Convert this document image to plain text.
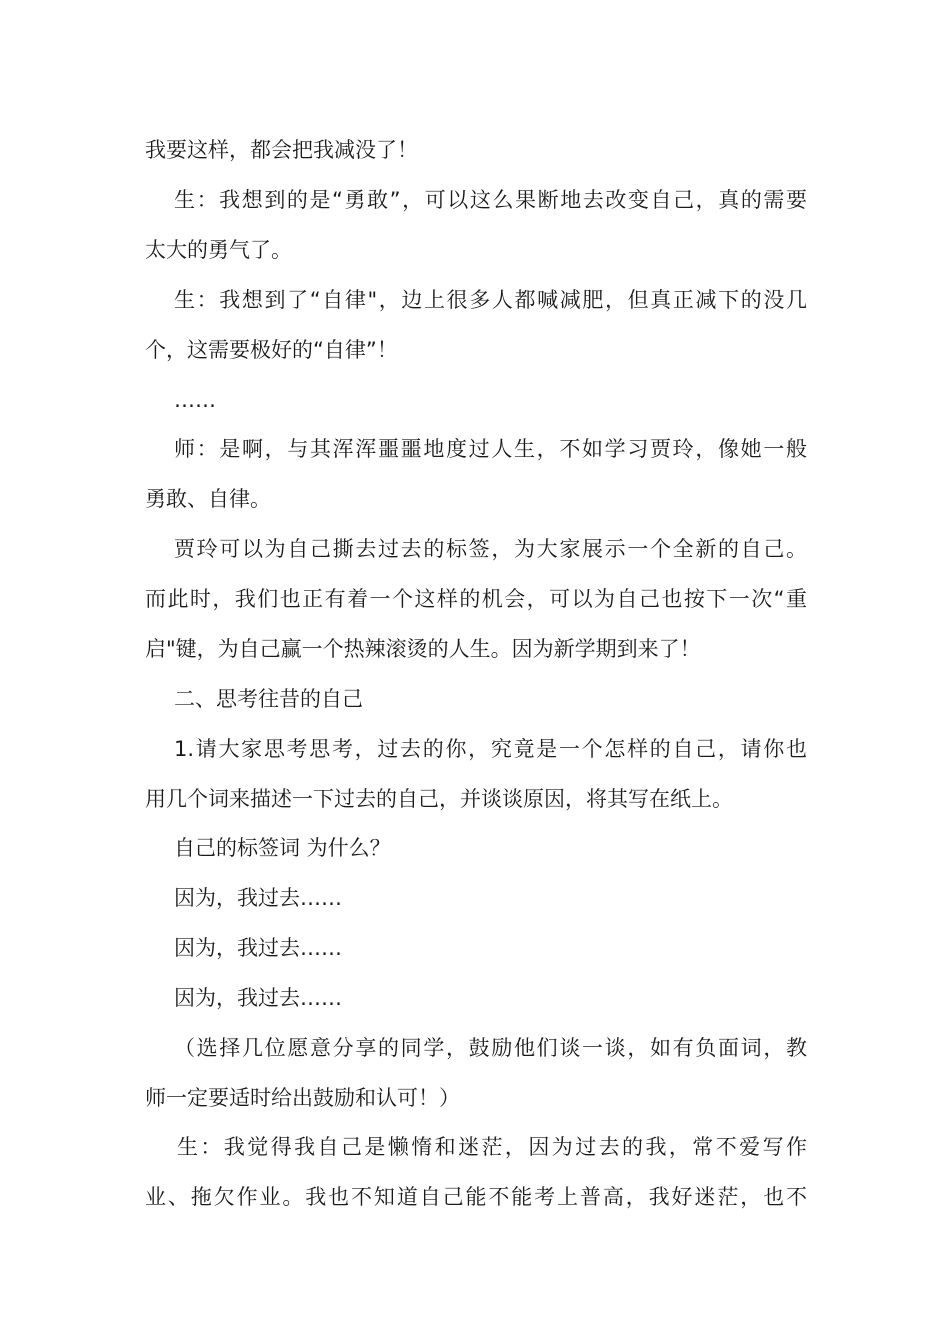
我要这样，都会把我减没了！
生：我想到的是“勇敢”，可以这么果断地去改变自己，真的需要
太大的勇气了。
生：我想到了“自律"，边上很多人都喊减肥，但真正减下的没几
个，这需要极好的“自律”！
……
师：是啊，与其浑浑噩噩地度过人生，不如学习贾玲，像她一般
勇敢、自律。
贾玲可以为自己撕去过去的标签，为大家展示一个全新的自己。
而此时，我们也正有着一个这样的机会，可以为自己也按下一次“重
启"键，为自己赢一个热辣滚烫的人生。因为新学期到来了！
二、思考往昔的自己
1.请大家思考思考，过去的你，究竟是一个怎样的自己，请你也
用几个词来描述一下过去的自己，并谈谈原因，将其写在纸上。
自己的标签词 为什么？
因为，我过去……
因为，我过去……
因为，我过去……
（选择几位愿意分享的同学，鼓励他们谈一谈，如有负面词，教
师一定要适时给出鼓励和认可！）
生：我觉得我自己是懒惰和迷茫，因为过去的我，常不爱写作
业、拖欠作业。我也不知道自己能不能考上普高，我好迷茫，也不
